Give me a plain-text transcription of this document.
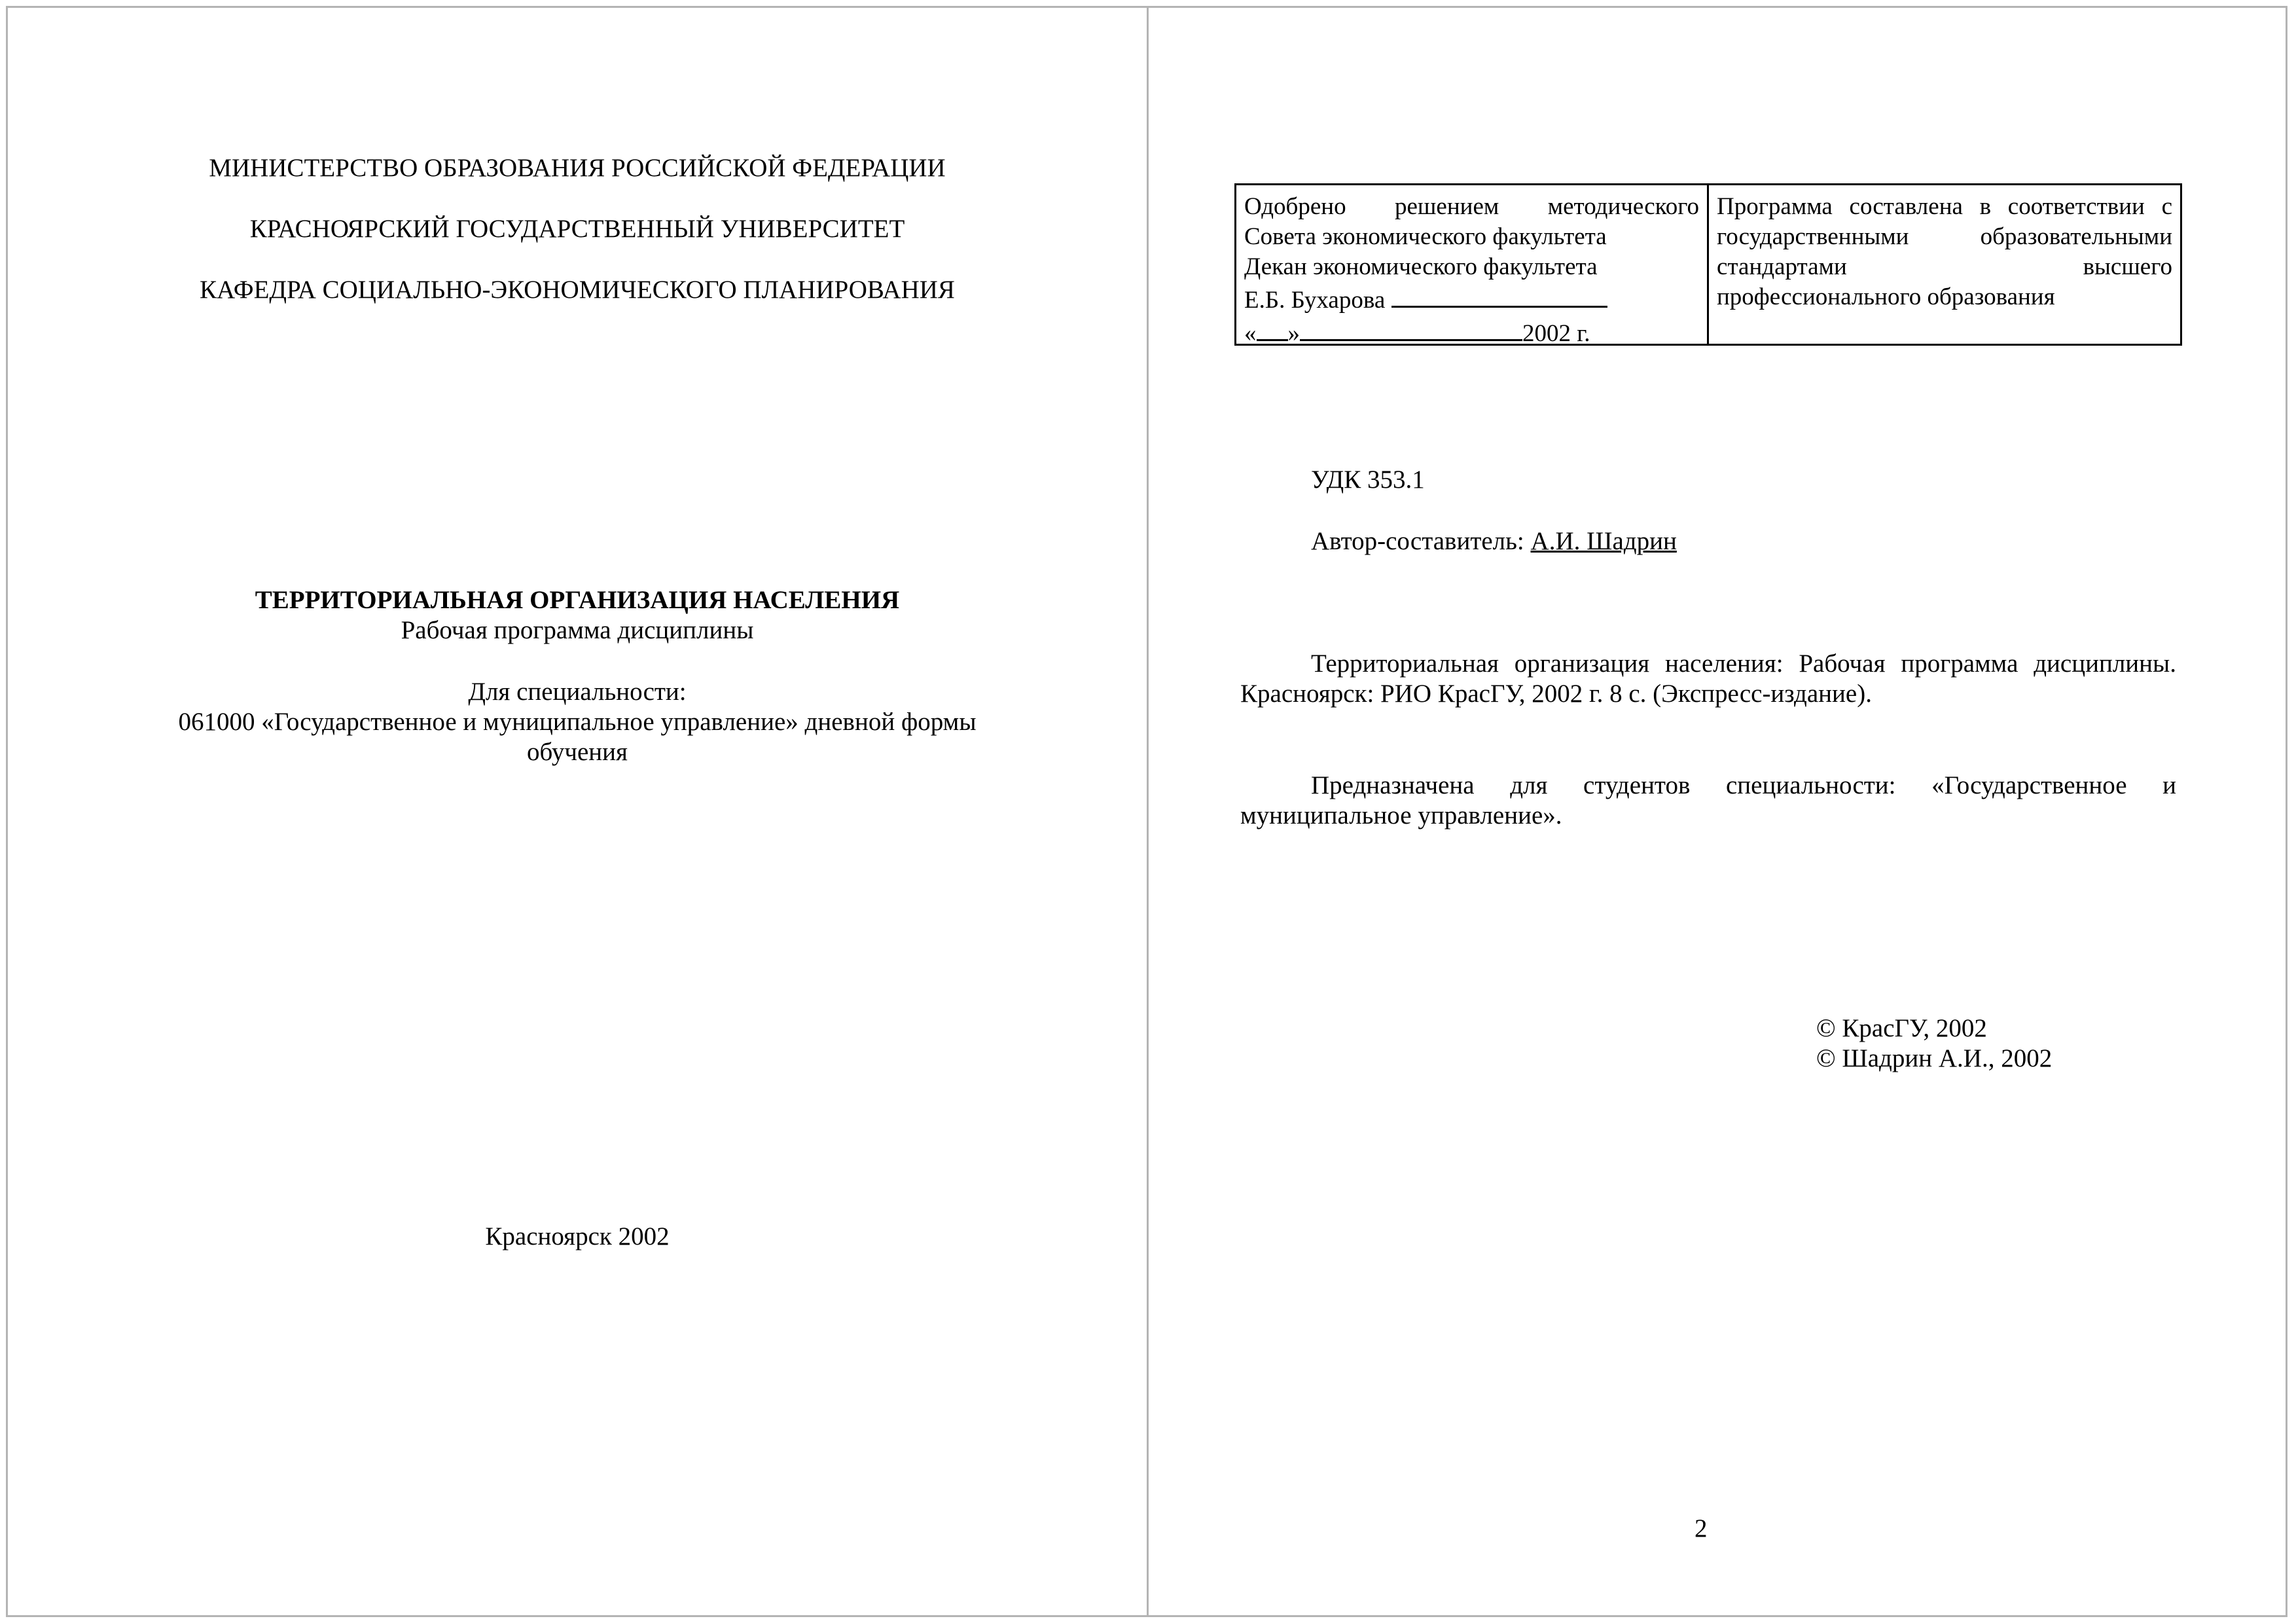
МИНИСТЕРСТВО ОБРАЗОВАНИЯ РОССИЙСКОЙ ФЕДЕРАЦИИ
КРАСНОЯРСКИЙ ГОСУДАРСТВЕННЫЙ УНИВЕРСИТЕТ
КАФЕДРА СОЦИАЛЬНО-ЭКОНОМИЧЕСКОГО ПЛАНИРОВАНИЯ
ТЕРРИТОРИАЛЬНАЯ ОРГАНИЗАЦИЯ НАСЕЛЕНИЯ
Рабочая программа дисциплины
Для специальности:
061000 «Государственное и муниципальное управление» дневной формы
обучения
Красноярск 2002
Одобрено решением методического
Совета экономического факультета
Декан экономического факультета
Е.Б. Бухарова
« »	2002 г.
Программа составлена в соответствии с
государственными образовательными
стандартами высшего
профессионального образования
УДК 353.1
Автор-составитель: А.И. Шадрин
Территориальная организация населения: Рабочая программа дисциплины.
Красноярск: РИО КрасГУ, 2002 г. 8 с. (Экспресс-издание).
Предназначена для студентов специальности: «Государственное и
муниципальное управление».
© КрасГУ, 2002
© Шадрин А.И., 2002
2
